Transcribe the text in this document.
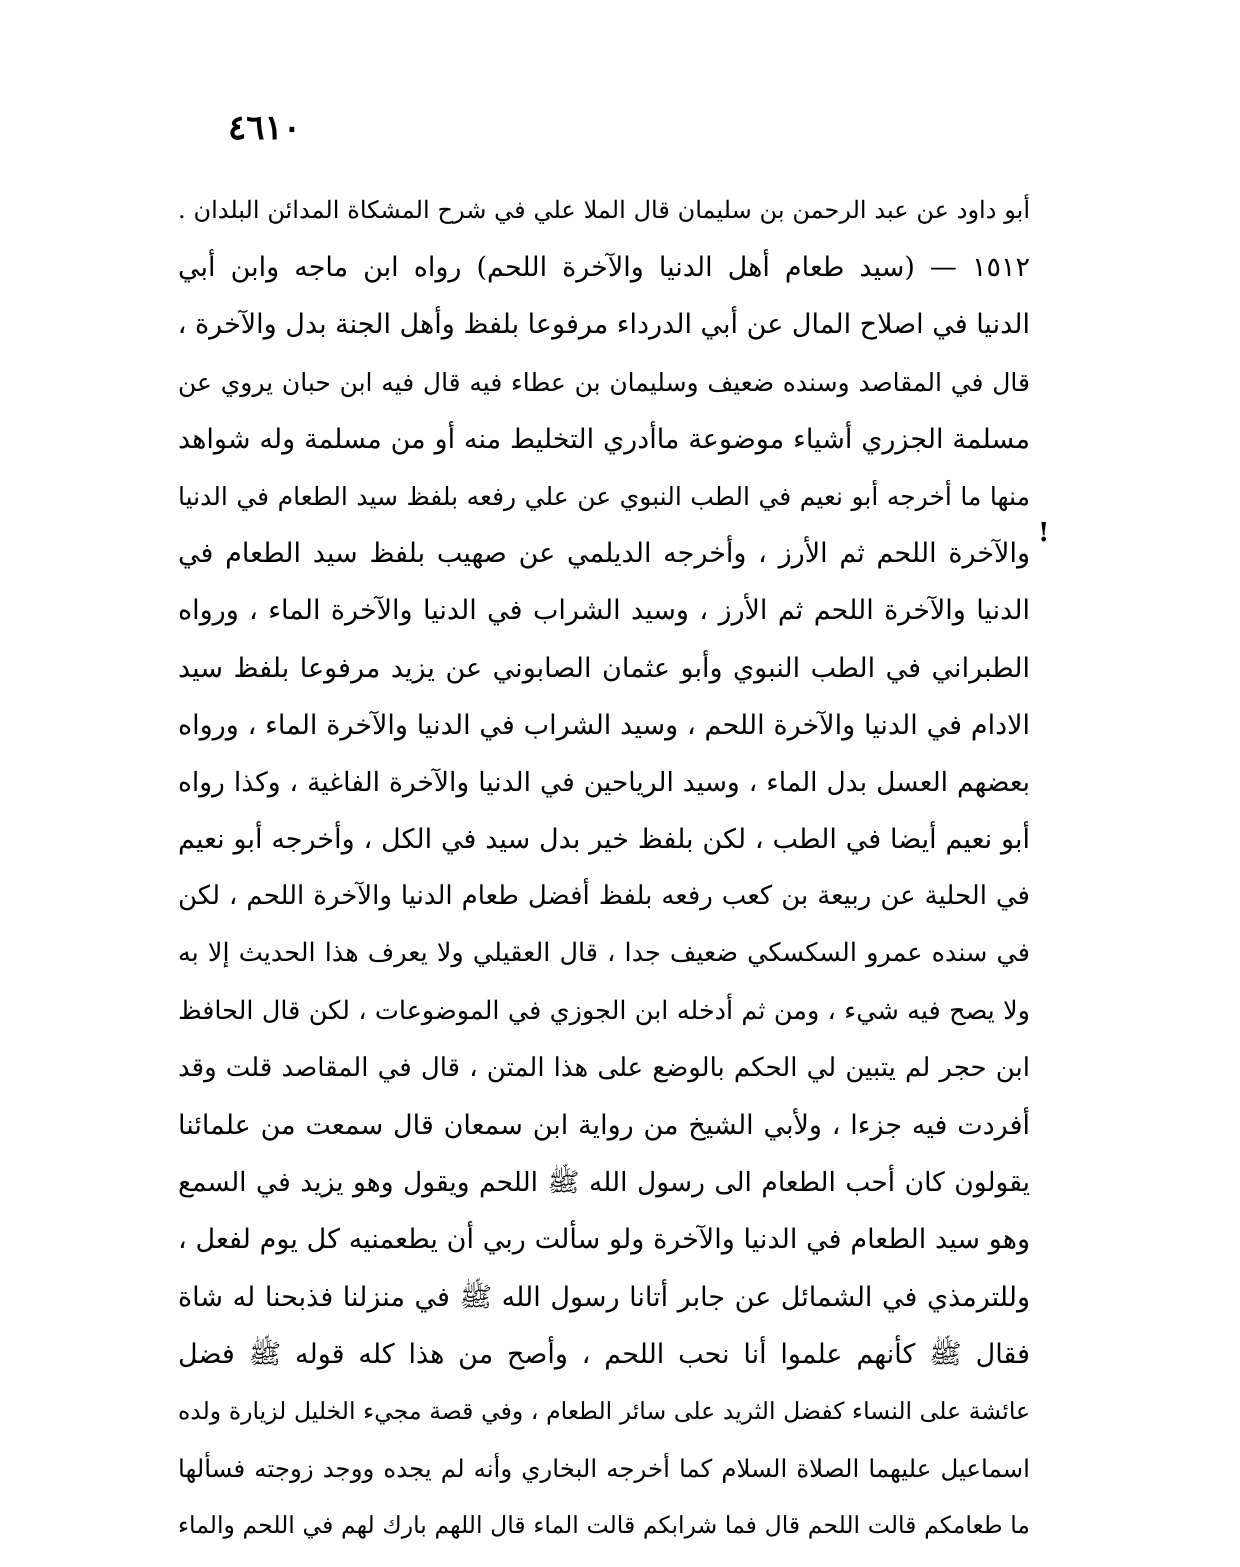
٤٦١٠
!
أبو داود عن عبد الرحمن بن سليمان قال الملا علي في شرح المشكاة المدائن البلدان .
١٥١٢ — (سيد طعام أهل الدنيا والآخرة اللحم) رواه ابن ماجه وابن أبي
الدنيا في اصلاح المال عن أبي الدرداء مرفوعا بلفظ وأهل الجنة بدل والآخرة ،
قال في المقاصد وسنده ضعيف وسليمان بن عطاء فيه قال فيه ابن حبان يروي عن
مسلمة الجزري أشياء موضوعة ماأدري التخليط منه أو من مسلمة وله شواهد
منها ما أخرجه أبو نعيم في الطب النبوي عن علي رفعه بلفظ سيد الطعام في الدنيا
والآخرة اللحم ثم الأرز ، وأخرجه الديلمي عن صهيب بلفظ سيد الطعام في
الدنيا والآخرة اللحم ثم الأرز ، وسيد الشراب في الدنيا والآخرة الماء ، ورواه
الطبراني في الطب النبوي وأبو عثمان الصابوني عن يزيد مرفوعا بلفظ سيد
الادام في الدنيا والآخرة اللحم ، وسيد الشراب في الدنيا والآخرة الماء ، ورواه
بعضهم العسل بدل الماء ، وسيد الرياحين في الدنيا والآخرة الفاغية ، وكذا رواه
أبو نعيم أيضا في الطب ، لكن بلفظ خير بدل سيد في الكل ، وأخرجه أبو نعيم
في الحلية عن ربيعة بن كعب رفعه بلفظ أفضل طعام الدنيا والآخرة اللحم ، لكن
في سنده عمرو السكسكي ضعيف جدا ، قال العقيلي ولا يعرف هذا الحديث إلا به
ولا يصح فيه شيء ، ومن ثم أدخله ابن الجوزي في الموضوعات ، لكن قال الحافظ
ابن حجر لم يتبين لي الحكم بالوضع على هذا المتن ، قال في المقاصد قلت وقد
أفردت فيه جزءا ، ولأبي الشيخ من رواية ابن سمعان قال سمعت من علمائنا
يقولون كان أحب الطعام الى رسول الله ﷺ اللحم ويقول وهو يزيد في السمع
وهو سيد الطعام في الدنيا والآخرة ولو سألت ربي أن يطعمنيه كل يوم لفعل ،
وللترمذي في الشمائل عن جابر أتانا رسول الله ﷺ في منزلنا فذبحنا له شاة
فقال ﷺ كأنهم علموا أنا نحب اللحم ، وأصح من هذا كله قوله ﷺ فضل
عائشة على النساء كفضل الثريد على سائر الطعام ، وفي قصة مجيء الخليل لزيارة ولده
اسماعيل عليهما الصلاة السلام كما أخرجه البخاري وأنه لم يجده ووجد زوجته فسألها
ما طعامكم قالت اللحم قال فما شرابكم قالت الماء قال اللهم بارك لهم في اللحم والماء
